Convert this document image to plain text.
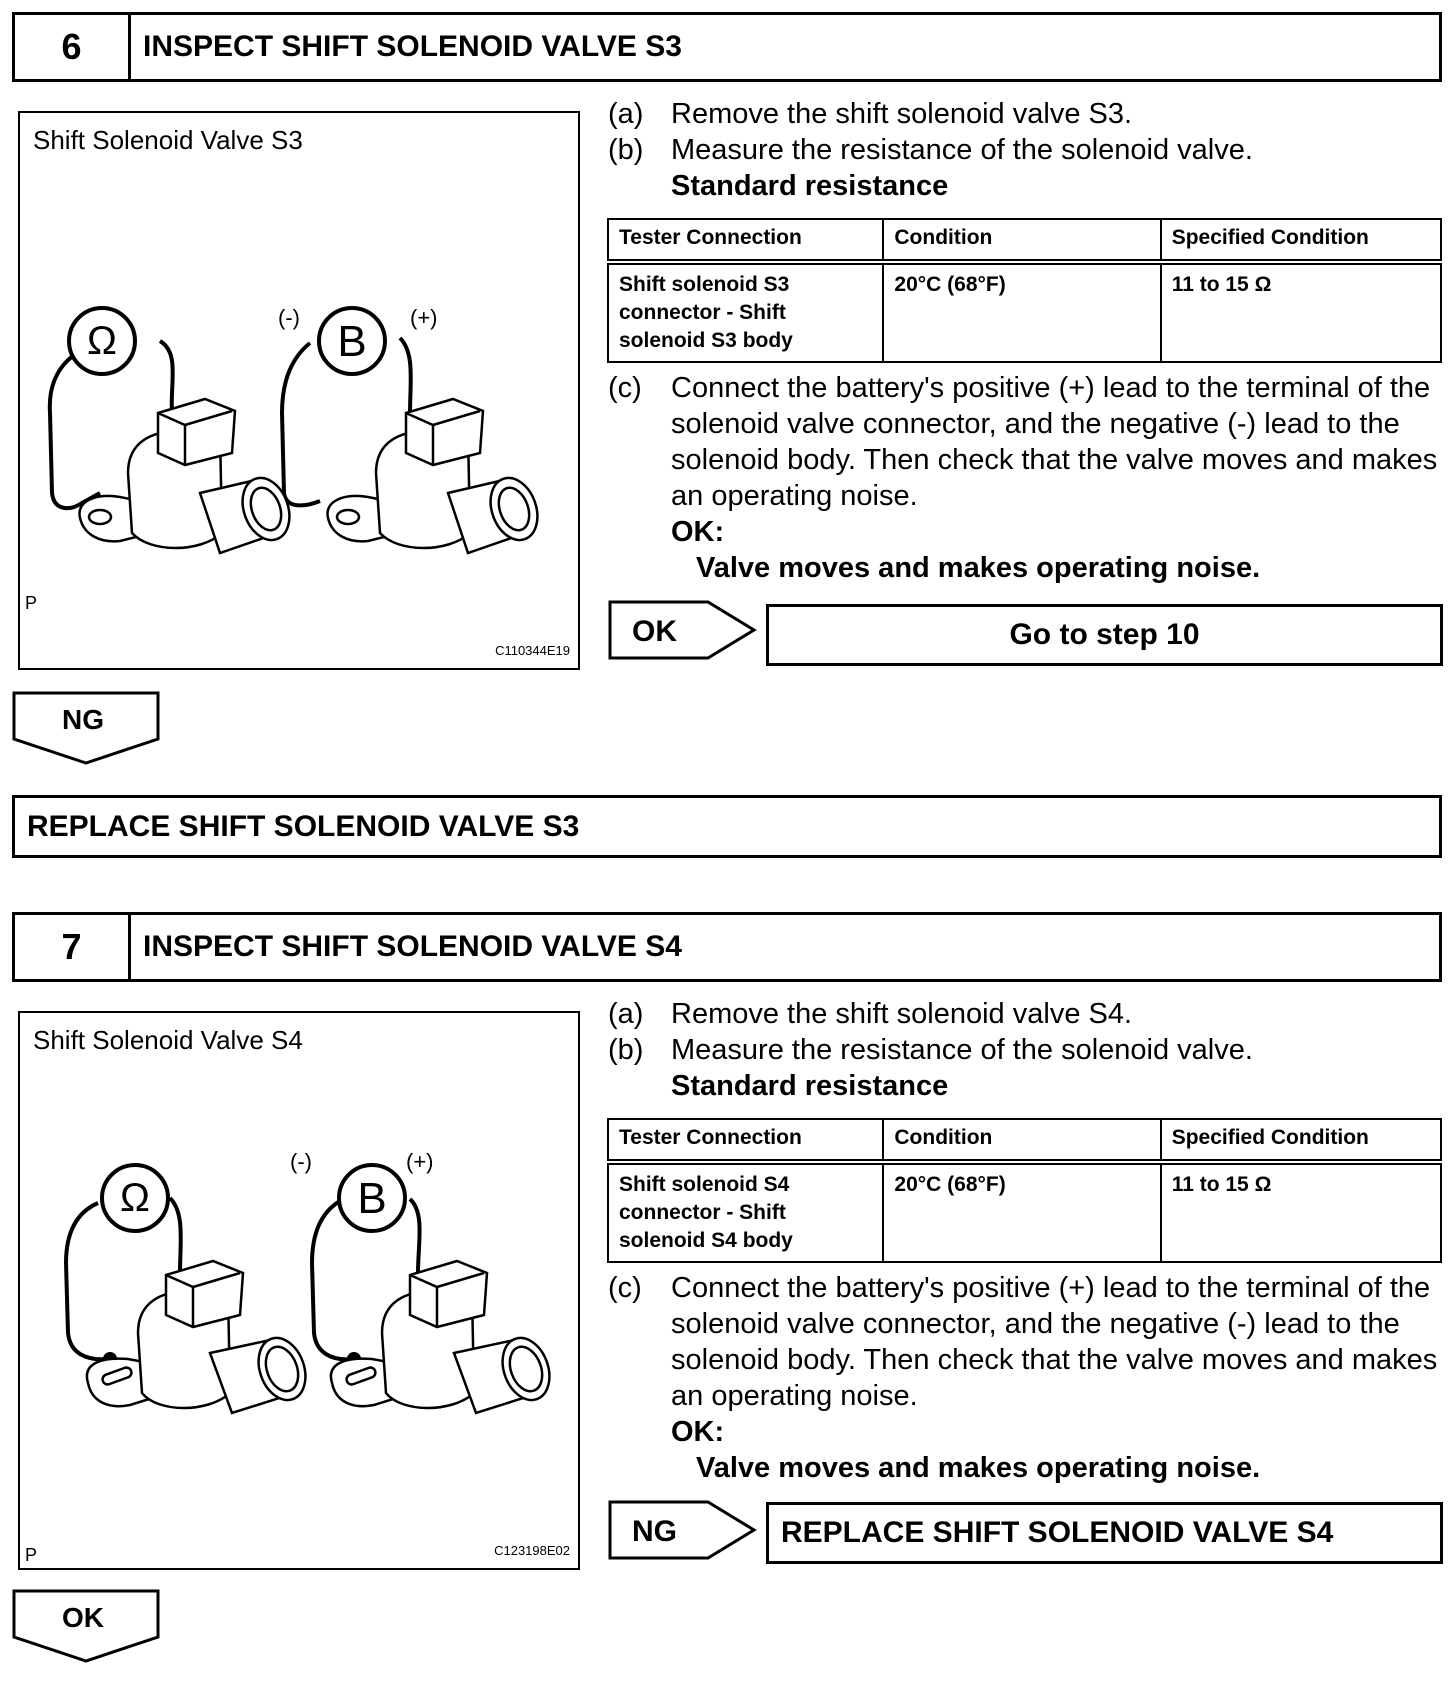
6	INSPECT SHIFT SOLENOID VALVE S3
Ω	B
(-)	(+)
Shift Solenoid Valve S3
P
C110344E19
(a) Remove the shift solenoid valve S3.
(b) Measure the resistance of the solenoid valve.
Standard resistance
Tester Connection	Condition	Specified Condition
Shift solenoid S3 connector - Shift solenoid S3 body	20°C (68°F)	11 to 15 Ω
(c) Connect the battery's positive (+) lead to the terminal of the solenoid valve connector, and the negative (-) lead to the solenoid body. Then check that the valve moves and makes an operating noise.
OK:
Valve moves and makes operating noise.
OK	Go to step 10
NG
REPLACE SHIFT SOLENOID VALVE S3
7	INSPECT SHIFT SOLENOID VALVE S4
Ω	B
(-)	(+)
Shift Solenoid Valve S4
P	C123198E02
(a) Remove the shift solenoid valve S4.
(b) Measure the resistance of the solenoid valve.
Standard resistance
Tester Connection	Condition	Specified Condition
Shift solenoid S4 connector - Shift solenoid S4 body	20°C (68°F)	11 to 15 Ω
(c) Connect the battery's positive (+) lead to the terminal of the solenoid valve connector, and the negative (-) lead to the solenoid body. Then check that the valve moves and makes an operating noise.
OK:
Valve moves and makes operating noise.
NG	REPLACE SHIFT SOLENOID VALVE S4
OK
